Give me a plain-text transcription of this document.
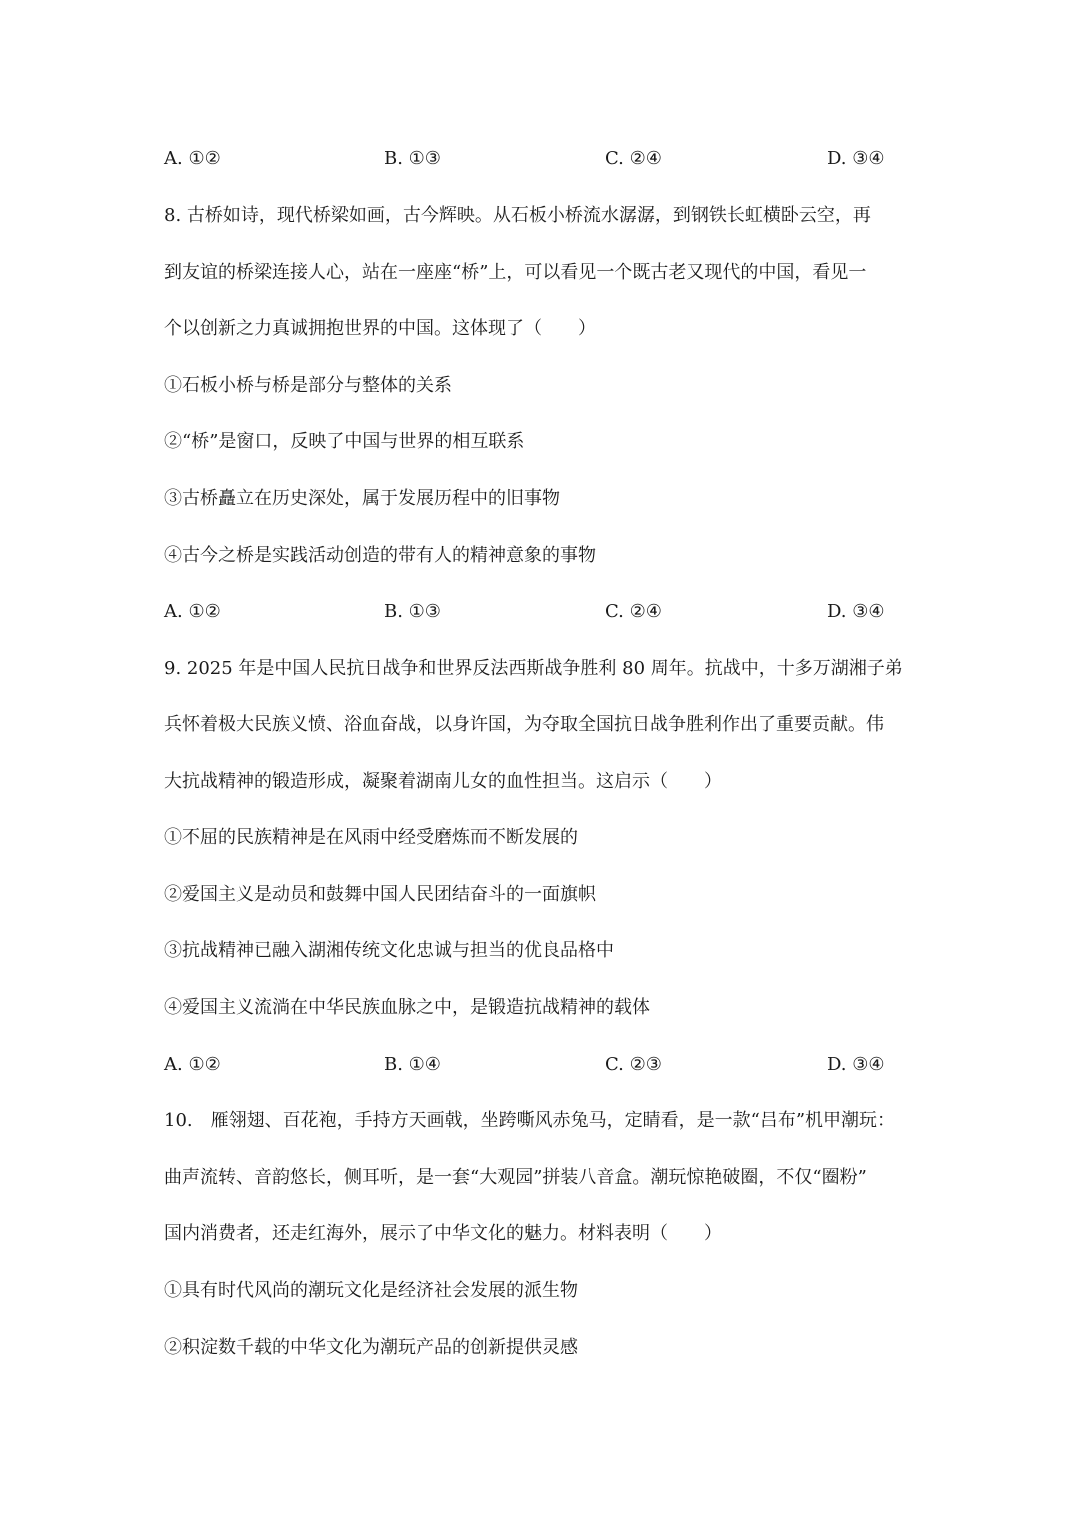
A. ①②	B. ①③	C. ②④	D. ③④
8. 古桥如诗，现代桥梁如画，古今辉映。从石板小桥流水潺潺，到钢铁长虹横卧云空，再
到友谊的桥梁连接人心，站在一座座“桥”上，可以看见一个既古老又现代的中国，看见一
个以创新之力真诚拥抱世界的中国。这体现了（　　）
①石板小桥与桥是部分与整体的关系
②“桥”是窗口，反映了中国与世界的相互联系
③古桥矗立在历史深处，属于发展历程中的旧事物
④古今之桥是实践活动创造的带有人的精神意象的事物
A. ①②	B. ①③	C. ②④	D. ③④
9. 2025 年是中国人民抗日战争和世界反法西斯战争胜利 80 周年。抗战中，十多万湖湘子弟
兵怀着极大民族义愤、浴血奋战，以身许国，为夺取全国抗日战争胜利作出了重要贡献。伟
大抗战精神的锻造形成，凝聚着湖南儿女的血性担当。这启示（　　）
①不屈的民族精神是在风雨中经受磨炼而不断发展的
②爱国主义是动员和鼓舞中国人民团结奋斗的一面旗帜
③抗战精神已融入湖湘传统文化忠诚与担当的优良品格中
④爱国主义流淌在中华民族血脉之中，是锻造抗战精神的载体
A. ①②	B. ①④	C. ②③	D. ③④
10.　雁翎翅、百花袍，手持方天画戟，坐跨嘶风赤兔马，定睛看，是一款“吕布”机甲潮玩：
曲声流转、音韵悠长，侧耳听，是一套“大观园”拼装八音盒。潮玩惊艳破圈，不仅“圈粉”
国内消费者，还走红海外，展示了中华文化的魅力。材料表明（　　）
①具有时代风尚的潮玩文化是经济社会发展的派生物
②积淀数千载的中华文化为潮玩产品的创新提供灵感
